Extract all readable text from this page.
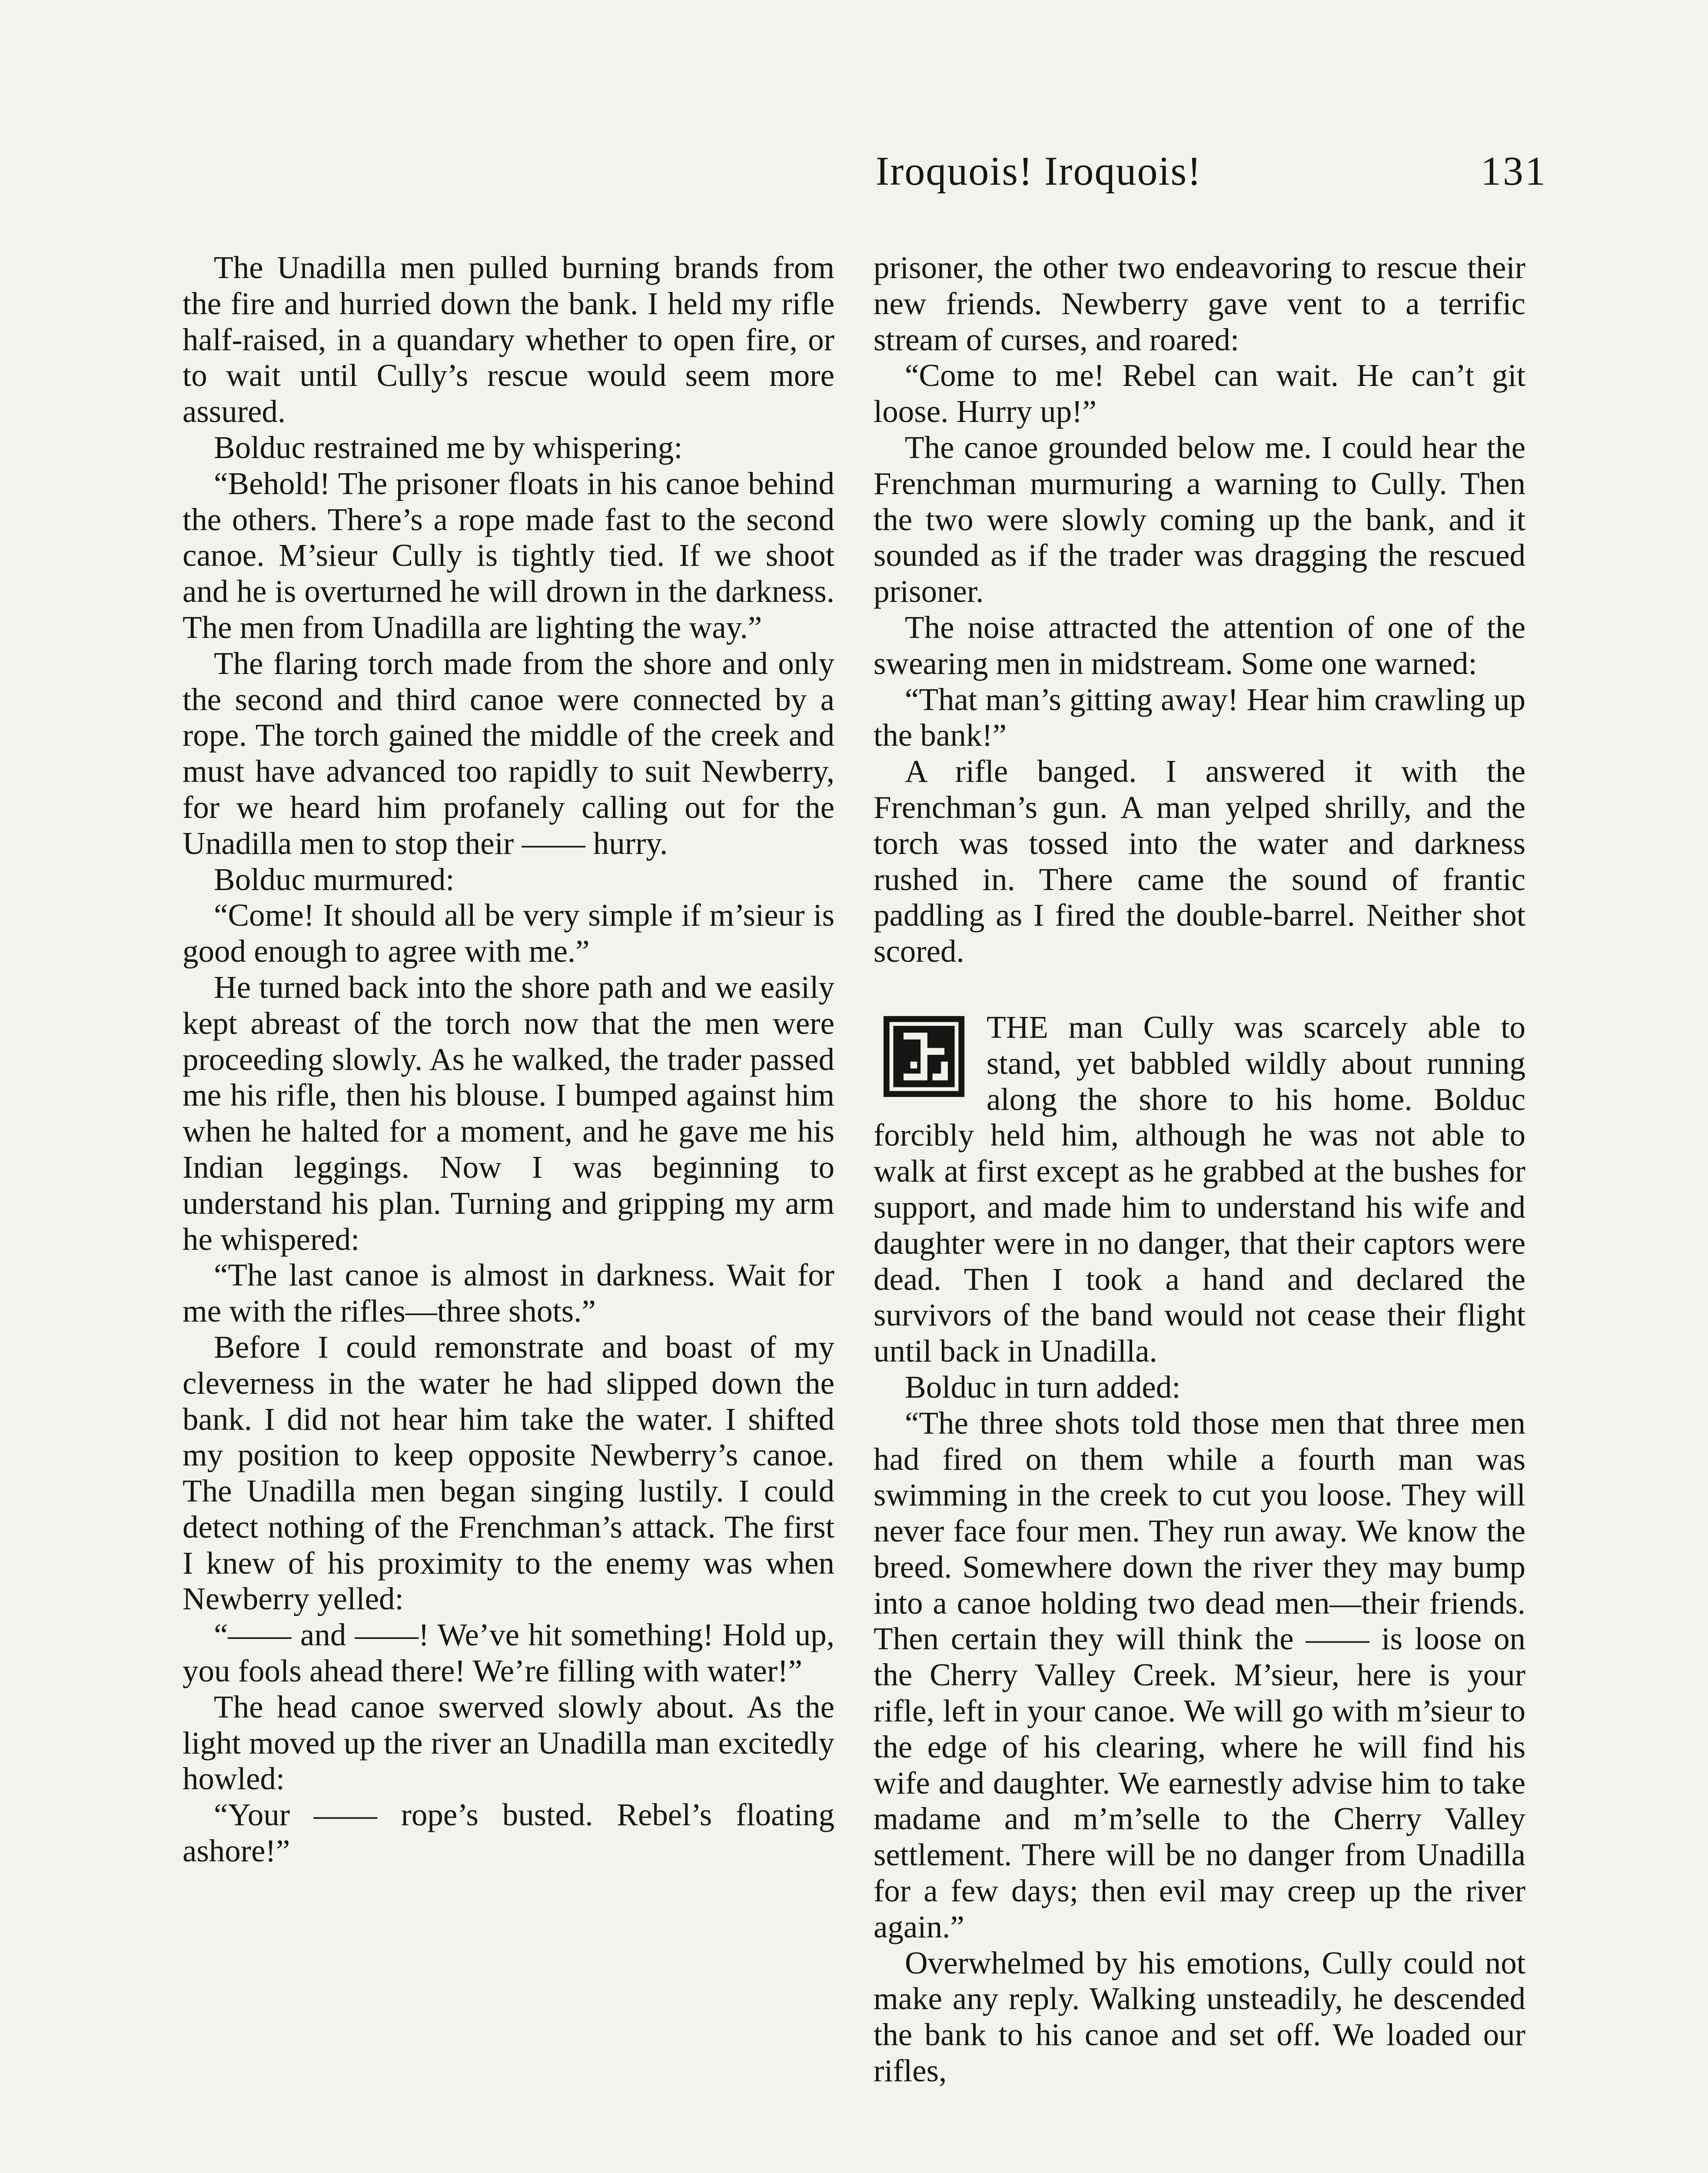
Iroquois! Iroquois!	131

The Unadilla men pulled burning brands from the fire and hurried down the bank. I held my rifle half-raised, in a quandary whether to open fire, or to wait until Cully’s rescue would seem more assured.

Bolduc restrained me by whispering:

“Behold! The prisoner floats in his canoe behind the others. There’s a rope made fast to the second canoe. M’sieur Cully is tightly tied. If we shoot and he is overturned he will drown in the darkness. The men from Unadilla are lighting the way.”

The flaring torch made from the shore and only the second and third canoe were connected by a rope. The torch gained the middle of the creek and must have advanced too rapidly to suit Newberry, for we heard him profanely calling out for the Unadilla men to stop their —— hurry.

Bolduc murmured:

“Come! It should all be very simple if m’sieur is good enough to agree with me.”

He turned back into the shore path and we easily kept abreast of the torch now that the men were proceeding slowly. As he walked, the trader passed me his rifle, then his blouse. I bumped against him when he halted for a moment, and he gave me his Indian leggings. Now I was beginning to understand his plan. Turning and gripping my arm he whispered:

“The last canoe is almost in darkness. Wait for me with the rifles—three shots.”

Before I could remonstrate and boast of my cleverness in the water he had slipped down the bank. I did not hear him take the water. I shifted my position to keep opposite Newberry’s canoe. The Unadilla men began singing lustily. I could detect nothing of the Frenchman’s attack. The first I knew of his proximity to the enemy was when Newberry yelled:

“—— and ——! We’ve hit something! Hold up, you fools ahead there! We’re filling with water!”

The head canoe swerved slowly about. As the light moved up the river an Unadilla man excitedly howled:

“Your —— rope’s busted. Rebel’s floating ashore!”

prisoner, the other two endeavoring to rescue their new friends. Newberry gave vent to a terrific stream of curses, and roared:

“Come to me! Rebel can wait. He can’t git loose. Hurry up!”

The canoe grounded below me. I could hear the Frenchman murmuring a warning to Cully. Then the two were slowly coming up the bank, and it sounded as if the trader was dragging the rescued prisoner.

The noise attracted the attention of one of the swearing men in midstream. Some one warned:

“That man’s gitting away! Hear him crawling up the bank!”

A rifle banged. I answered it with the Frenchman’s gun. A man yelped shrilly, and the torch was tossed into the water and darkness rushed in. There came the sound of frantic paddling as I fired the double-barrel. Neither shot scored.

THE man Cully was scarcely able to stand, yet babbled wildly about running along the shore to his home. Bolduc forcibly held him, although he was not able to walk at first except as he grabbed at the bushes for support, and made him to understand his wife and daughter were in no danger, that their captors were dead. Then I took a hand and declared the survivors of the band would not cease their flight until back in Unadilla.

Bolduc in turn added:

“The three shots told those men that three men had fired on them while a fourth man was swimming in the creek to cut you loose. They will never face four men. They run away. We know the breed. Somewhere down the river they may bump into a canoe holding two dead men—their friends. Then certain they will think the —— is loose on the Cherry Valley Creek. M’sieur, here is your rifle, left in your canoe. We will go with m’sieur to the edge of his clearing, where he will find his wife and daughter. We earnestly advise him to take madame and m’m’selle to the Cherry Valley settlement. There will be no danger from Unadilla for a few days; then evil may creep up the river again.”

Overwhelmed by his emotions, Cully could not make any reply. Walking unsteadily, he descended the bank to his canoe and set off. We loaded our rifles,
